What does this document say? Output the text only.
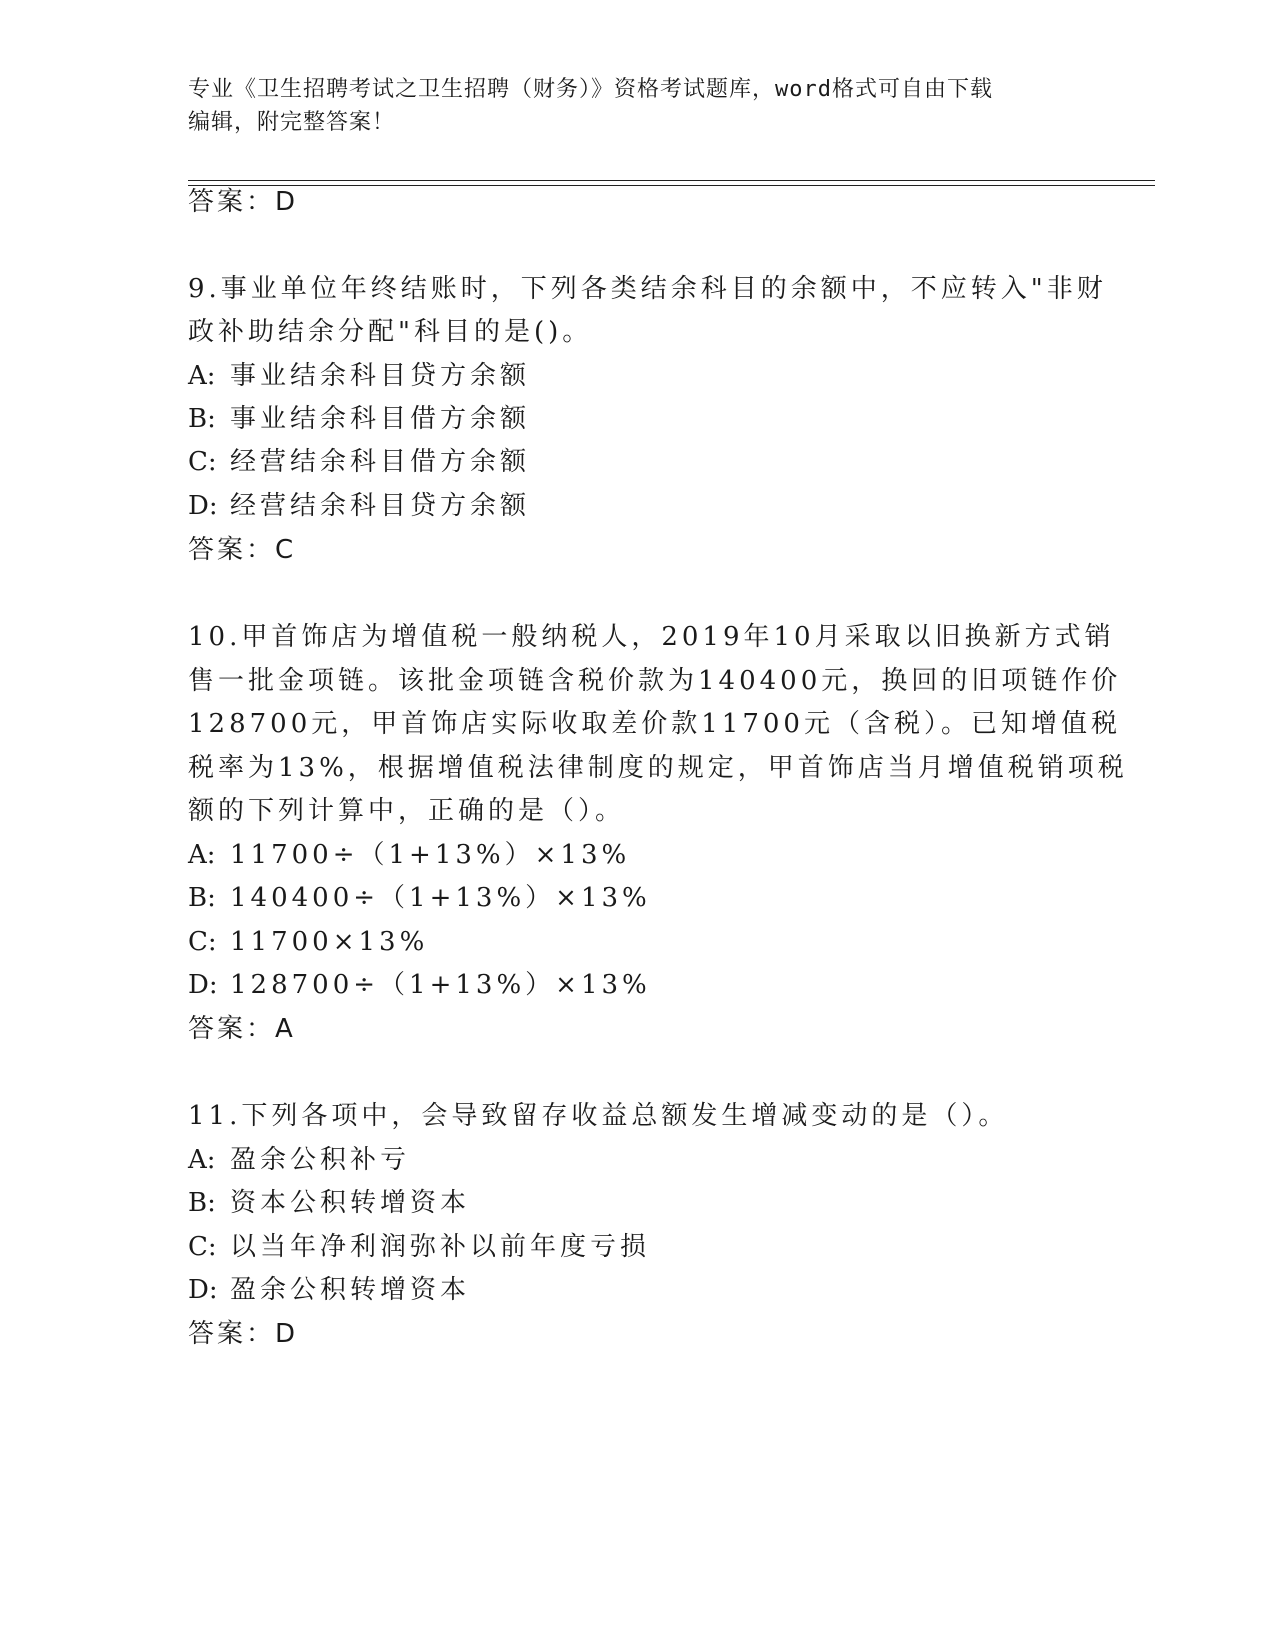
专业《卫生招聘考试之卫生招聘（财务）》资格考试题库，word格式可自由下载
编辑，附完整答案！
答案：D
9.事业单位年终结账时，下列各类结余科目的余额中，不应转入"非财
政补助结余分配"科目的是()。
A: 事业结余科目贷方余额
B: 事业结余科目借方余额
C: 经营结余科目借方余额
D: 经营结余科目贷方余额
答案：C
10.甲首饰店为增值税一般纳税人，2019年10月采取以旧换新方式销
售一批金项链。该批金项链含税价款为140400元，换回的旧项链作价
128700元，甲首饰店实际收取差价款11700元（含税）。已知增值税
税率为13%，根据增值税法律制度的规定，甲首饰店当月增值税销项税
额的下列计算中，正确的是（）。
A: 11700÷（1+13%）×13%
B: 140400÷（1+13%）×13%
C: 11700×13%
D: 128700÷（1+13%）×13%
答案：A
11.下列各项中，会导致留存收益总额发生增减变动的是（）。
A: 盈余公积补亏
B: 资本公积转增资本
C: 以当年净利润弥补以前年度亏损
D: 盈余公积转增资本
答案：D
